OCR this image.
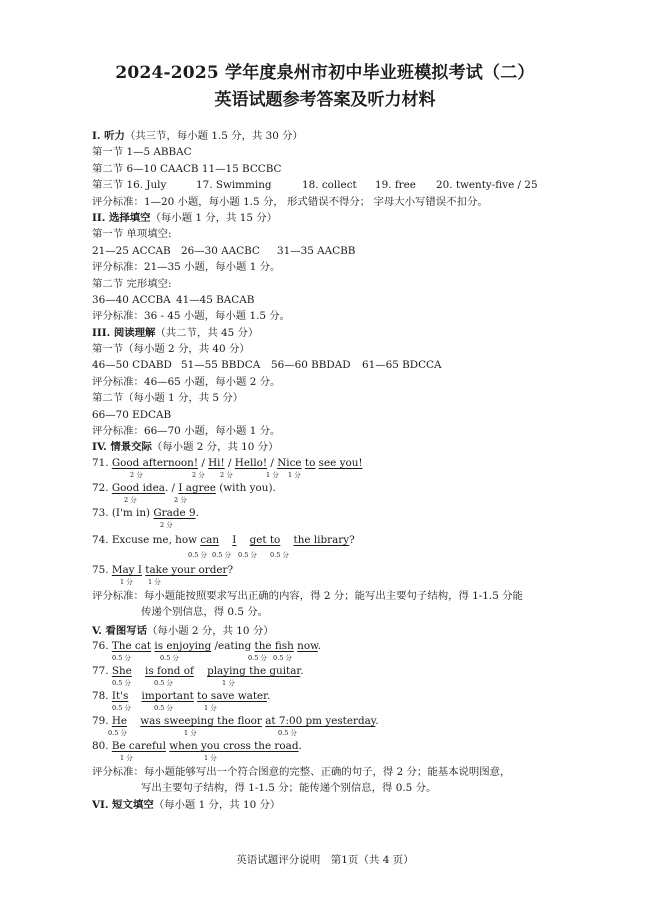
2024-2025 学年度泉州市初中毕业班模拟考试（二）
英语试题参考答案及听力材料
I. 听力（共三节，每小题 1.5 分，共 30 分）
第一节 1—5 ABBAC
第二节 6—10 CAACB 11—15 BCCBC
第三节 16. July	17. Swimming	18. collect 19. free 20. twenty-five / 25
评分标准：1—20 小题，每小题 1.5 分， 形式错误不得分； 字母大小写错误不扣分。
II. 选择填空（每小题 1 分，共 15 分）
第一节 单项填空:
21—25 ACCAB 26—30 AACBC 31—35 AACBB
评分标准：21—35 小题，每小题 1 分。
第二节 完形填空:
36—40 ACCBA 41—45 BACAB
评分标准：36 - 45 小题，每小题 1.5 分。
III. 阅读理解（共二节，共 45 分）
第一节（每小题 2 分，共 40 分）
46—50 CDABD 51—55 BBDCA 56—60 BBDAD 61—65 BDCCA
评分标准：46—65 小题，每小题 2 分。
第二节（每小题 1 分，共 5 分）
66—70 EDCAB
评分标准：66—70 小题，每小题 1 分。
IV. 情景交际（每小题 2 分，共 10 分）
71. Good afternoon! / Hi! / Hello! / Nice to see you!
2 分	2 分 2 分	1 分 1 分
72. Good idea. / I agree (with you).
2 分	2 分
73. (I'm in) Grade 9.
2 分
74. Excuse me, how can I get to the library?
0.5 分 0.5 分 0.5 分 0.5 分
75. May I take your order?
1 分 1 分
评分标准：每小题能按照要求写出正确的内容，得 2 分；能写出主要句子结构，得 1-1.5 分能
传递个别信息，得 0.5 分。
V. 看图写话（每小题 2 分，共 10 分）
76. The cat is enjoying /eating the fish now.
0.5 分	0.5 分	0.5 分 0.5 分
77. She is fond of playing the guitar.
0.5 分	0.5 分	1 分
78. It's important to save water.
0.5 分	0.5 分	1 分
79. He was sweeping the floor at 7:00 pm yesterday.
0.5 分	1 分	0.5 分
80. Be careful when you cross the road.
1 分	1 分
评分标准：每小题能够写出一个符合图意的完整、正确的句子，得 2 分；能基本说明图意，
写出主要句子结构，得 1-1.5 分；能传递个别信息，得 0.5 分。
VI. 短文填空（每小题 1 分，共 10 分）
英语试题评分说明　第1页（共 4 页）
